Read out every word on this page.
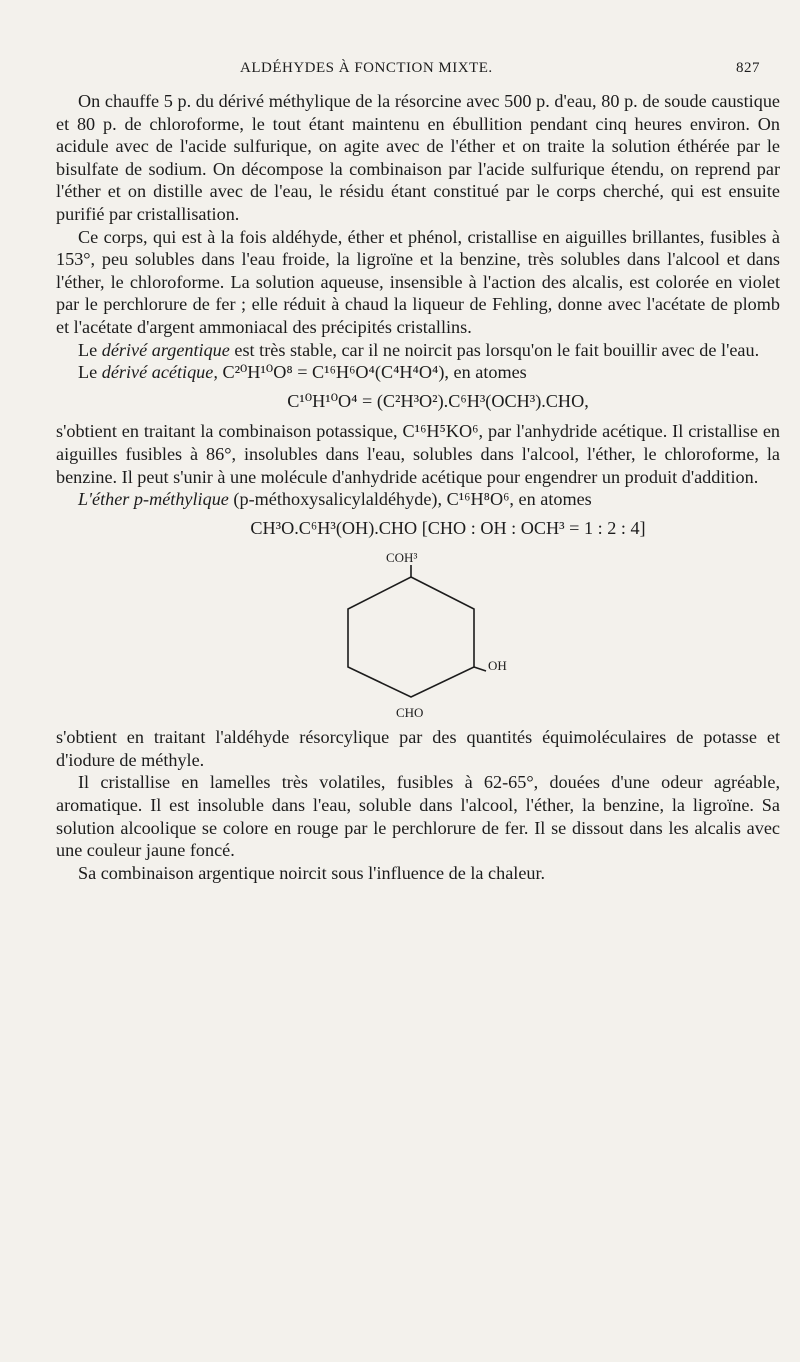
ALDÉHYDES À FONCTION MIXTE.	827

On chauffe 5 p. du dérivé méthylique de la résorcine avec 500 p. d'eau, 80 p. de soude caustique et 80 p. de chloroforme, le tout étant maintenu en ébullition pendant cinq heures environ. On acidule avec de l'acide sulfurique, on agite avec de l'éther et on traite la solution éthérée par le bisulfate de sodium. On décompose la combinaison par l'acide sulfurique étendu, on reprend par l'éther et on distille avec de l'eau, le résidu étant constitué par le corps cherché, qui est ensuite purifié par cristallisation.

Ce corps, qui est à la fois aldéhyde, éther et phénol, cristallise en aiguilles brillantes, fusibles à 153°, peu solubles dans l'eau froide, la ligroïne et la benzine, très solubles dans l'alcool et dans l'éther, le chloroforme. La solution aqueuse, insensible à l'action des alcalis, est colorée en violet par le perchlorure de fer ; elle réduit à chaud la liqueur de Fehling, donne avec l'acétate de plomb et l'acétate d'argent ammoniacal des précipités cristallins.

Le dérivé argentique est très stable, car il ne noircit pas lorsqu'on le fait bouillir avec de l'eau.

Le dérivé acétique, C²⁰H¹⁰O⁸ = C¹⁶H⁶O⁴(C⁴H⁴O⁴), en atomes

C¹⁰H¹⁰O⁴ = (C²H³O²).C⁶H³(OCH³).CHO,

s'obtient en traitant la combinaison potassique, C¹⁶H⁵KO⁶, par l'anhydride acétique. Il cristallise en aiguilles fusibles à 86°, insolubles dans l'eau, solubles dans l'alcool, l'éther, le chloroforme, la benzine. Il peut s'unir à une molécule d'anhydride acétique pour engendrer un produit d'addition.

L'éther p-méthylique (p-méthoxysalicylaldéhyde), C¹⁶H⁸O⁶, en atomes

CH³O.C⁶H³(OH).CHO [CHO : OH : OCH³ = 1 : 2 : 4]

COH³
OH
CHO

s'obtient en traitant l'aldéhyde résorcylique par des quantités équimoléculaires de potasse et d'iodure de méthyle.

Il cristallise en lamelles très volatiles, fusibles à 62-65°, douées d'une odeur agréable, aromatique. Il est insoluble dans l'eau, soluble dans l'alcool, l'éther, la benzine, la ligroïne. Sa solution alcoolique se colore en rouge par le perchlorure de fer. Il se dissout dans les alcalis avec une couleur jaune foncé.

Sa combinaison argentique noircit sous l'influence de la chaleur.
